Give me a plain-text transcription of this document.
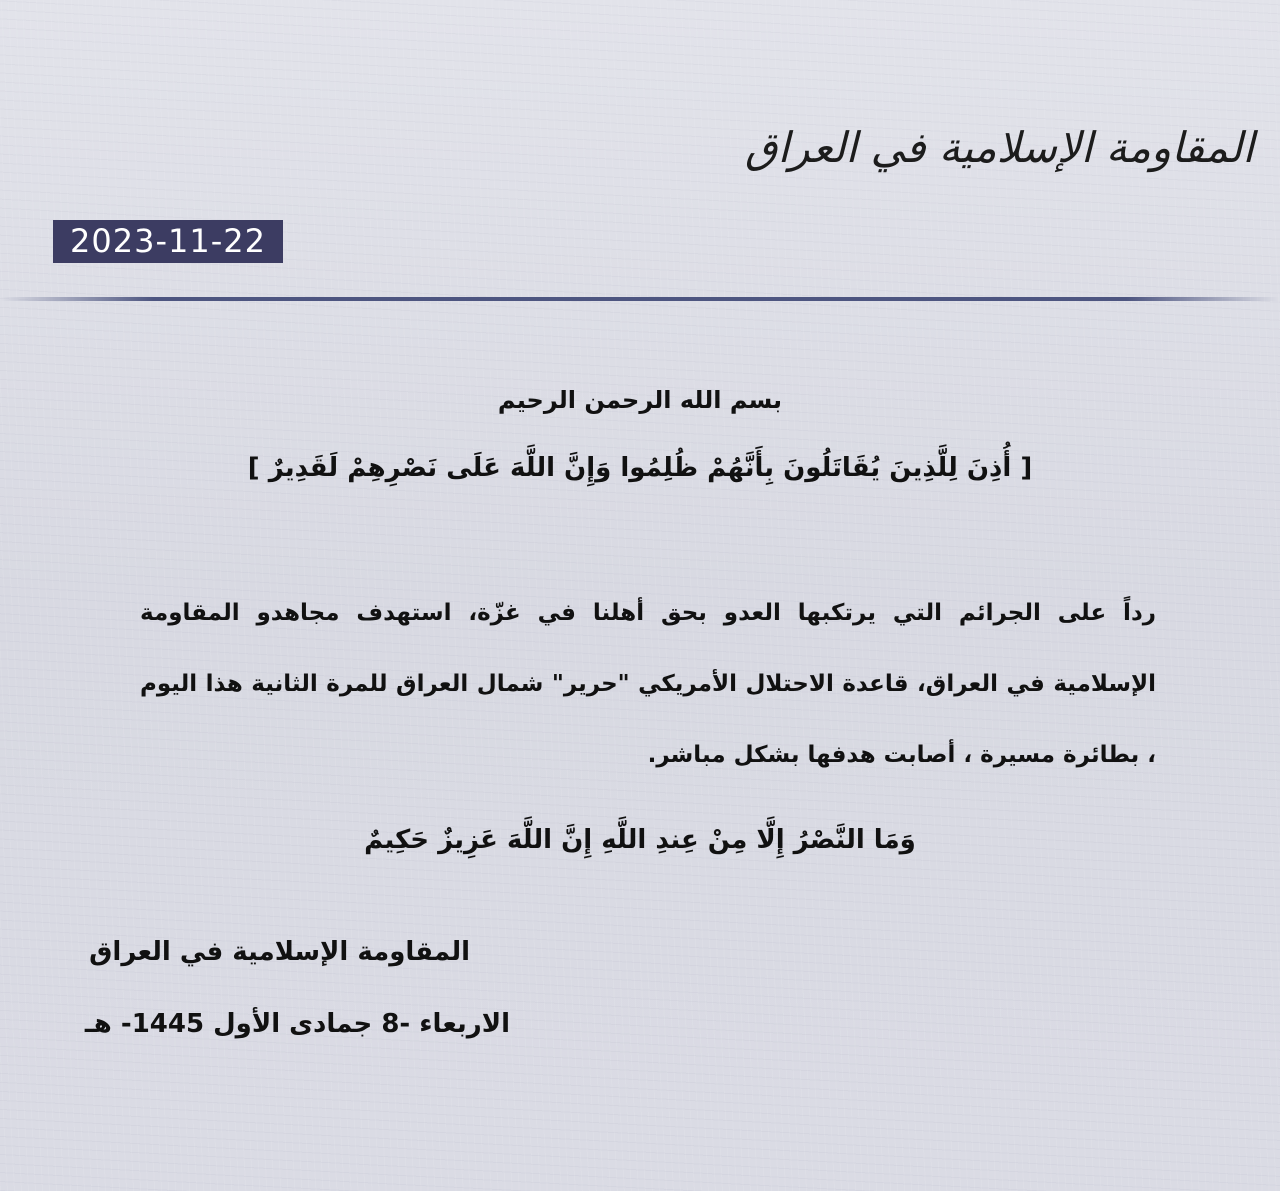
المقاومة الإسلامية في العراق
2023-11-22
بسم الله الرحمن الرحيم
[ أُذِنَ لِلَّذِينَ يُقَاتَلُونَ بِأَنَّهُمْ ظُلِمُوا وَإِنَّ اللَّهَ عَلَى نَصْرِهِمْ لَقَدِيرٌ ]
رداً على الجرائم التي يرتكبها العدو بحق أهلنا في غزّة، استهدف مجاهدو المقاومة الإسلامية في العراق، قاعدة الاحتلال الأمريكي "حرير" شمال العراق للمرة الثانية هذا اليوم ، بطائرة مسيرة ، أصابت هدفها بشكل مباشر.
وَمَا النَّصْرُ إِلَّا مِنْ عِندِ اللَّهِ إِنَّ اللَّهَ عَزِيزٌ حَكِيمٌ
المقاومة الإسلامية في العراق
الاربعاء -8 جمادى الأول 1445- هـ
